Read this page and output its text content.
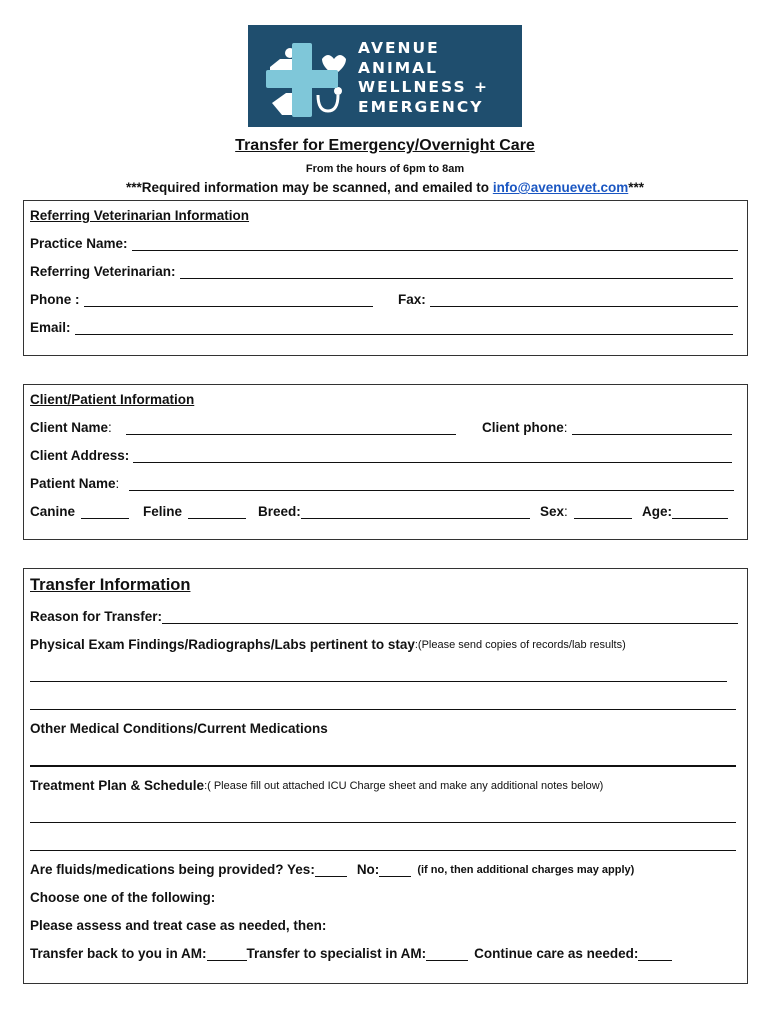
AVENUE
ANIMAL
WELLNESS +
EMERGENCY
Transfer for Emergency/Overnight Care
From the hours of 6pm to 8am
***Required information may be scanned, and emailed to info@avenuevet.com***
Referring Veterinarian Information
Practice Name:
Referring Veterinarian:
Phone :	Fax:
Email:
Client/Patient Information
Client Name:	Client phone:
Client Address:
Patient Name:
Canine	Feline	Breed:	Sex:	Age:
Transfer Information
Reason for Transfer:
Physical Exam Findings/Radiographs/Labs pertinent to stay :(Please send copies of records/lab results)
Other Medical Conditions/Current Medications
Treatment Plan & Schedule :( Please fill out attached ICU Charge sheet and make any additional notes below)
Are fluids/medications being provided? Yes:	No:	(if no, then additional charges may apply)
Choose one of the following:
Please assess and treat case as needed, then:
Transfer back to you in AM:	Transfer to specialist in AM:	Continue care as needed:
